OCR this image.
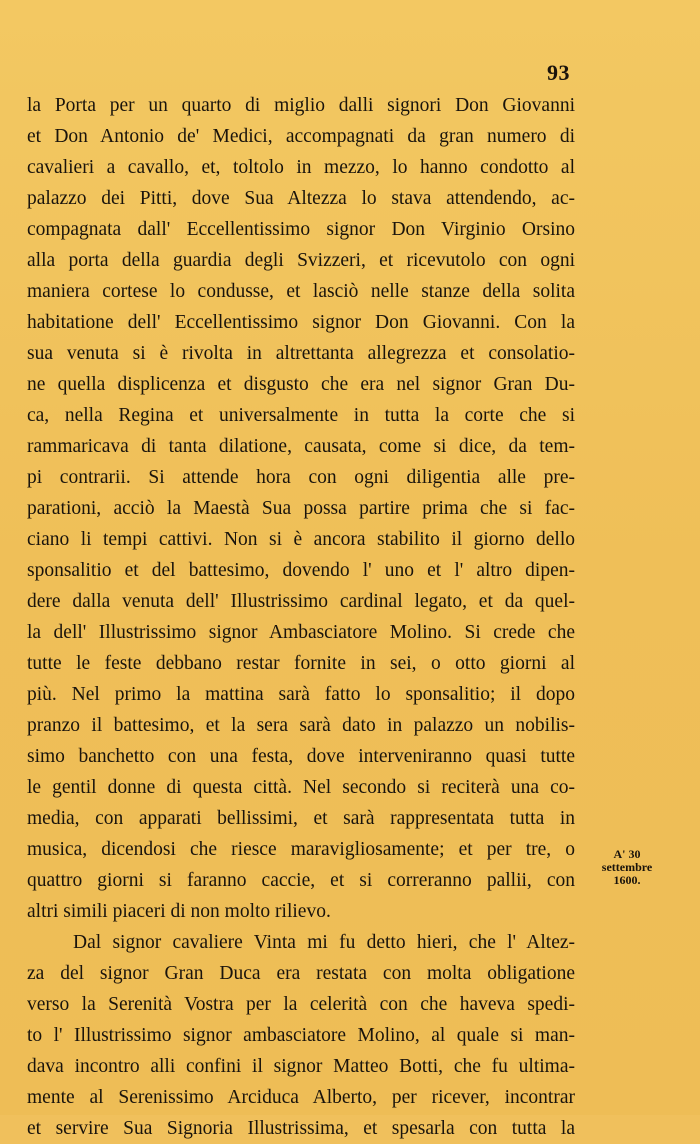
93
la Porta per un quarto di miglio dalli signori Don Giovanni
et Don Antonio de' Medici, accompagnati da gran numero di
cavalieri a cavallo, et, toltolo in mezzo, lo hanno condotto al
palazzo dei Pitti, dove Sua Altezza lo stava attendendo, ac-
compagnata dall' Eccellentissimo signor Don Virginio Orsino
alla porta della guardia degli Svizzeri, et ricevutolo con ogni
maniera cortese lo condusse, et lasciò nelle stanze della solita
habitatione dell' Eccellentissimo signor Don Giovanni. Con la
sua venuta si è rivolta in altrettanta allegrezza et consolatio-
ne quella displicenza et disgusto che era nel signor Gran Du-
ca, nella Regina et universalmente in tutta la corte che si
rammaricava di tanta dilatione, causata, come si dice, da tem-
pi contrarii. Si attende hora con ogni diligentia alle pre-
parationi, acciò la Maestà Sua possa partire prima che si fac-
ciano li tempi cattivi. Non si è ancora stabilito il giorno dello
sponsalitio et del battesimo, dovendo l' uno et l' altro dipen-
dere dalla venuta dell' Illustrissimo cardinal legato, et da quel-
la dell' Illustrissimo signor Ambasciatore Molino. Si crede che
tutte le feste debbano restar fornite in sei, o otto giorni al
più. Nel primo la mattina sarà fatto lo sponsalitio; il dopo
pranzo il battesimo, et la sera sarà dato in palazzo un nobilis-
simo banchetto con una festa, dove interveniranno quasi tutte
le gentil donne di questa città. Nel secondo si reciterà una co-
media, con apparati bellissimi, et sarà rappresentata tutta in
musica, dicendosi che riesce maravigliosamente; et per tre, o
quattro giorni si faranno caccie, et si correranno pallii, con
altri simili piaceri di non molto rilievo.
Dal signor cavaliere Vinta mi fu detto hieri, che l' Altez-
za del signor Gran Duca era restata con molta obligatione
verso la Serenità Vostra per la celerità con che haveva spedi-
to l' Illustrissimo signor ambasciatore Molino, al quale si man-
dava incontro alli confini il signor Matteo Botti, che fu ultima-
mente al Serenissimo Arciduca Alberto, per ricever, incontrar
et servire Sua Signoria Illustrissima, et spesarla con tutta la
A' 30
settembre
1600.
